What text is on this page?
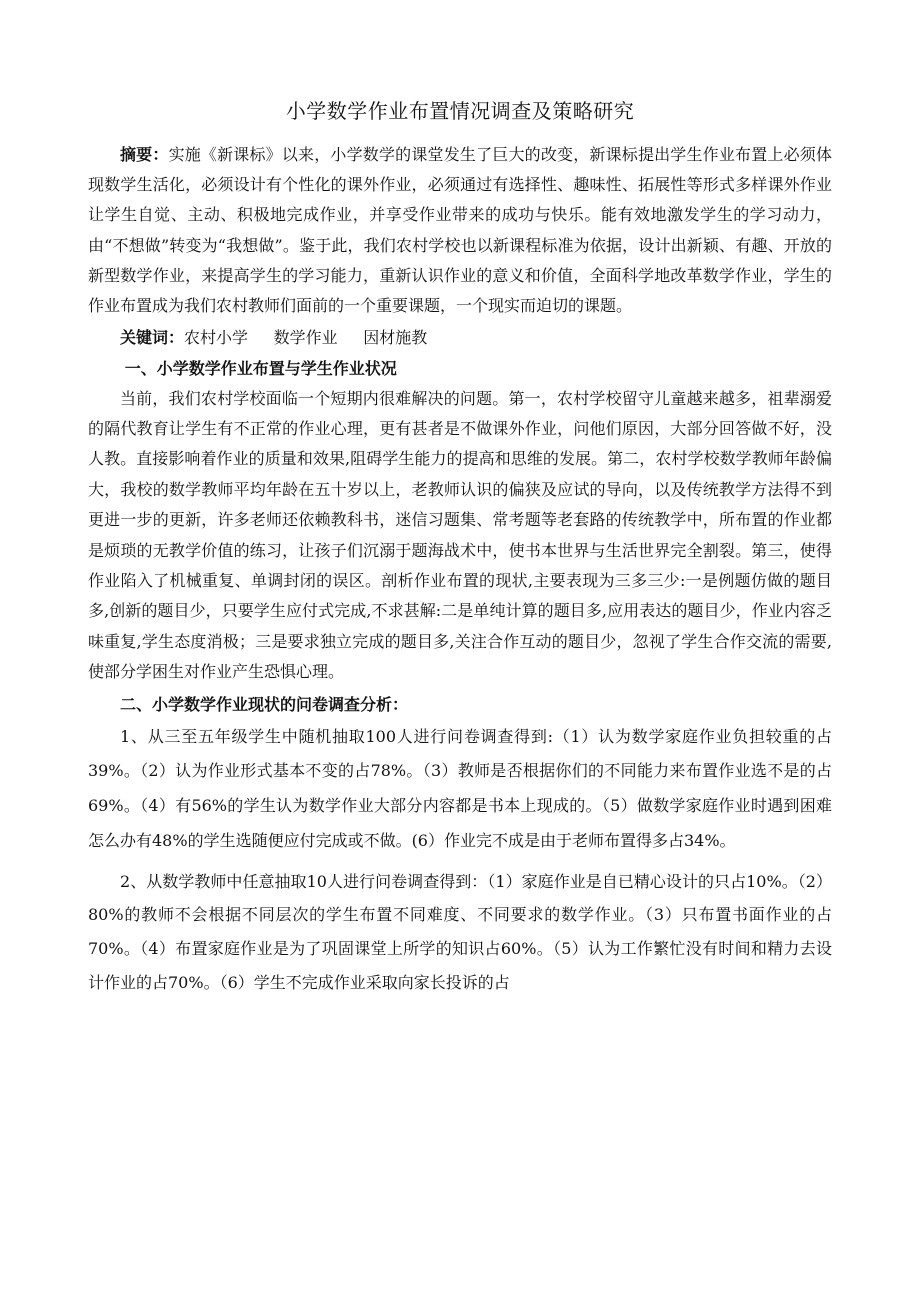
小学数学作业布置情况调查及策略研究

摘要：实施《新课标》以来，小学数学的课堂发生了巨大的改变，新课标提出学生作业布置上必须体现数学生活化，必须设计有个性化的课外作业，必须通过有选择性、趣味性、拓展性等形式多样课外作业让学生自觉、主动、积极地完成作业，并享受作业带来的成功与快乐。能有效地激发学生的学习动力，由“不想做”转变为“我想做”。鉴于此，我们农村学校也以新课程标准为依据，设计出新颖、有趣、开放的新型数学作业，来提高学生的学习能力，重新认识作业的意义和价值，全面科学地改革数学作业，学生的作业布置成为我们农村教师们面前的一个重要课题，一个现实而迫切的课题。

关键词：农村小学 数学作业 因材施教

一、小学数学作业布置与学生作业状况

当前，我们农村学校面临一个短期内很难解决的问题。第一，农村学校留守儿童越来越多，祖辈溺爱的隔代教育让学生有不正常的作业心理，更有甚者是不做课外作业，问他们原因，大部分回答做不好，没人教。直接影响着作业的质量和效果,阻碍学生能力的提高和思维的发展。第二，农村学校数学教师年龄偏大，我校的数学教师平均年龄在五十岁以上，老教师认识的偏狭及应试的导向，以及传统教学方法得不到更进一步的更新，许多老师还依赖教科书，迷信习题集、常考题等老套路的传统教学中，所布置的作业都是烦琐的无教学价值的练习，让孩子们沉溺于题海战术中，使书本世界与生活世界完全割裂。第三，使得作业陷入了机械重复、单调封闭的误区。剖析作业布置的现状,主要表现为三多三少:一是例题仿做的题目多,创新的题目少，只要学生应付式完成,不求甚解:二是单纯计算的题目多,应用表达的题目少，作业内容乏味重复,学生态度消极；三是要求独立完成的题目多,关注合作互动的题目少，忽视了学生合作交流的需要,使部分学困生对作业产生恐惧心理。

二、小学数学作业现状的问卷调查分析：

1、从三至五年级学生中随机抽取100人进行问卷调查得到:（1）认为数学家庭作业负担较重的占39%。（2）认为作业形式基本不变的占78%。（3）教师是否根据你们的不同能力来布置作业选不是的占69%。（4）有56%的学生认为数学作业大部分内容都是书本上现成的。（5）做数学家庭作业时遇到困难怎么办有48%的学生选随便应付完成或不做。(6）作业完不成是由于老师布置得多占34%。

2、从数学教师中任意抽取10人进行问卷调查得到：（1）家庭作业是自已精心设计的只占10%。（2）80%的教师不会根据不同层次的学生布置不同难度、不同要求的数学作业。（3）只布置书面作业的占70%。（4）布置家庭作业是为了巩固课堂上所学的知识占60%。（5）认为工作繁忙没有时间和精力去设计作业的占70%。（6）学生不完成作业采取向家长投诉的占
